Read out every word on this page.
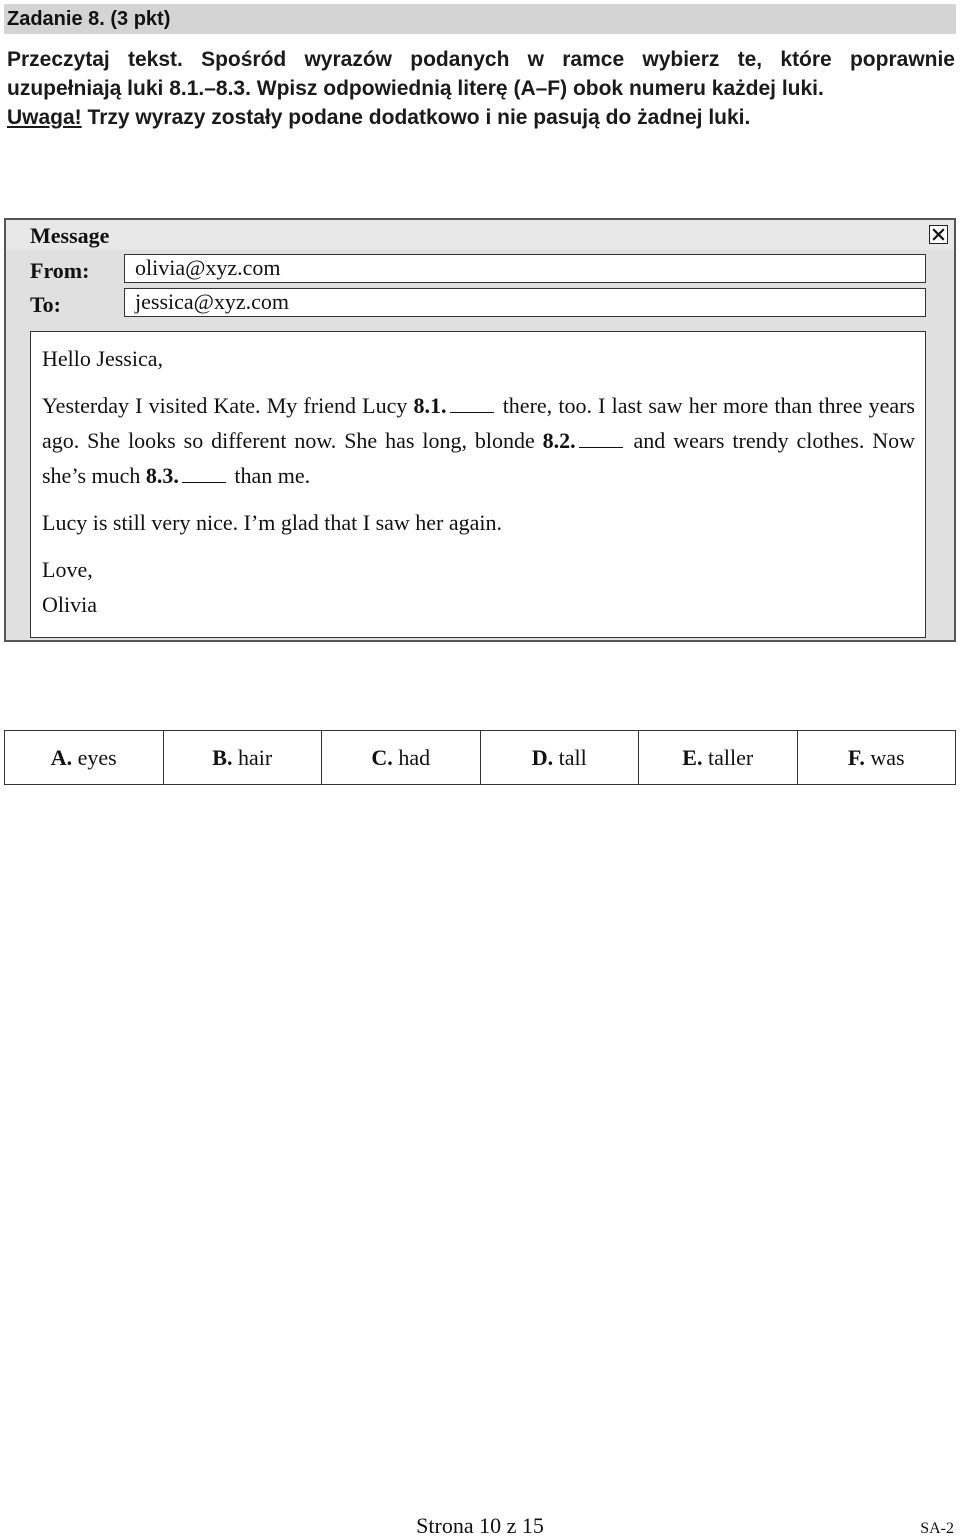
Zadanie 8. (3 pkt)
Przeczytaj tekst. Spośród wyrazów podanych w ramce wybierz te, które poprawnie
uzupełniają luki 8.1.–8.3. Wpisz odpowiednią literę (A–F) obok numeru każdej luki.
Uwaga! Trzy wyrazy zostały podane dodatkowo i nie pasują do żadnej luki.
Message
From:	olivia@xyz.com
To:	jessica@xyz.com

Hello Jessica,

Yesterday I visited Kate. My friend Lucy 8.1. there, too. I last saw her more than three years ago. She looks so different now. She has long, blonde 8.2. and wears trendy clothes. Now she’s much 8.3. than me.

Lucy is still very nice. I’m glad that I saw her again.

Love,

Olivia

A. eyes	B. hair	C. had	D. tall	E. taller	F. was
Strona 10 z 15	SA-2
